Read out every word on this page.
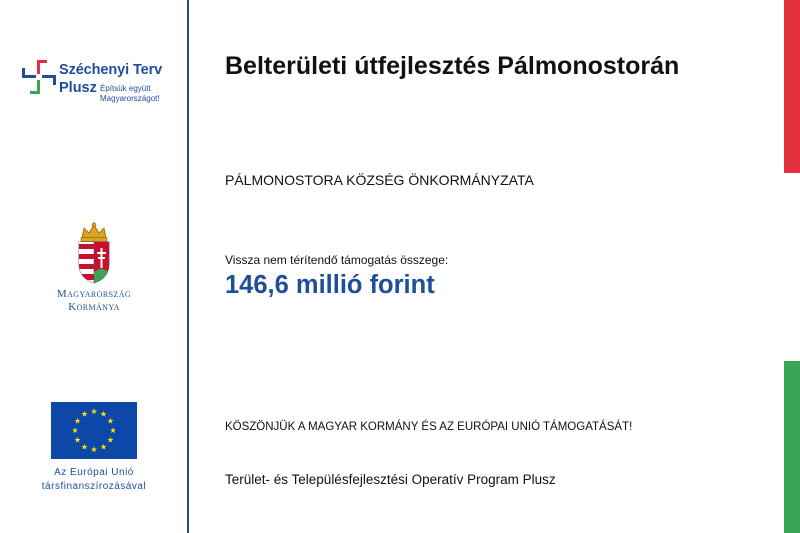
Széchenyi Terv
Plusz Építsük együtt
Magyarországot!
Magyarország
Kormánya
Az Európai Unió
társfinanszírozásával
Belterületi útfejlesztés Pálmonostorán
PÁLMONOSTORA KÖZSÉG ÖNKORMÁNYZATA
Vissza nem térítendő támogatás összege:
146,6 millió forint
KÖSZÖNJÜK A MAGYAR KORMÁNY ÉS AZ EURÓPAI UNIÓ TÁMOGATÁSÁT!
Terület- és Településfejlesztési Operatív Program Plusz
